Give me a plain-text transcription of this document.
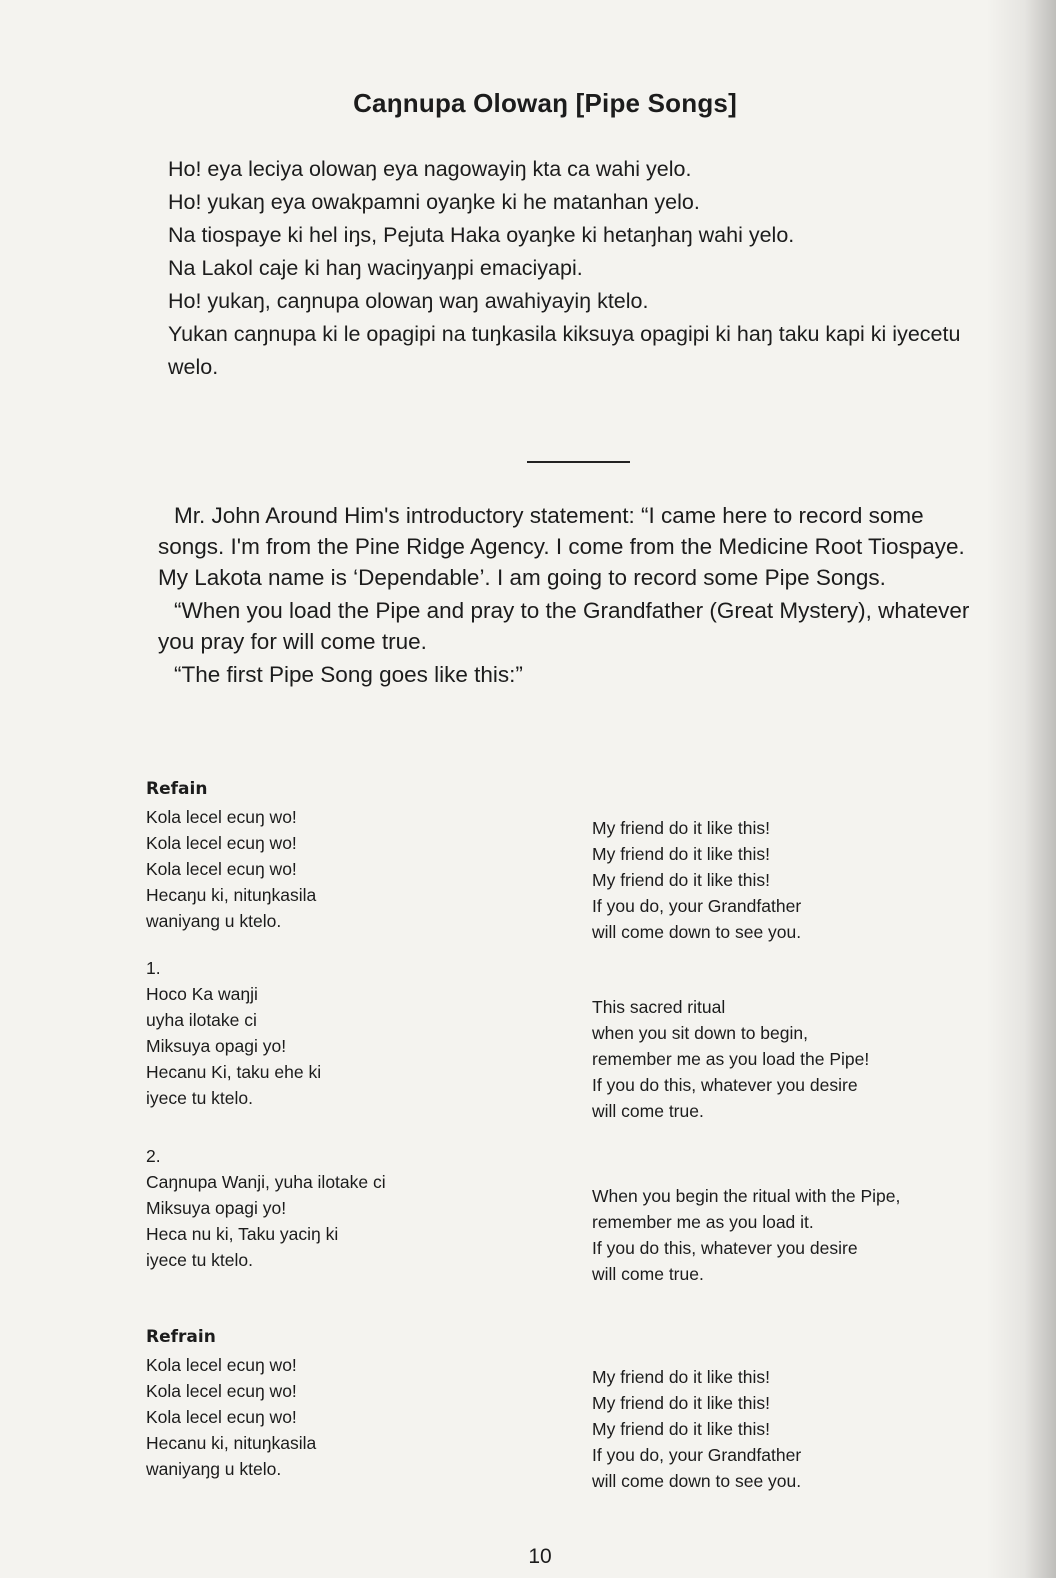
Caŋnupa Olowaŋ [Pipe Songs]
Ho! eya leciya olowaŋ eya nagowayiŋ kta ca wahi yelo.
Ho! yukaŋ eya owakpamni oyaŋke ki he matanhan yelo.
Na tiospaye ki hel iŋs, Pejuta Haka oyaŋke ki hetaŋhaŋ wahi yelo.
Na Lakol caje ki haŋ waciŋyaŋpi emaciyapi.
Ho! yukaŋ, caŋnupa olowaŋ waŋ awahiyayiŋ ktelo.
Yukan caŋnupa ki le opagipi na tuŋkasila kiksuya opagipi ki haŋ taku kapi ki iyecetu welo.

Mr. John Around Him's introductory statement: “I came here to record some songs. I'm from the Pine Ridge Agency. I come from the Medicine Root Tiospaye. My Lakota name is ‘Dependable’. I am going to record some Pipe Songs.

“When you load the Pipe and pray to the Grandfather (Great Mystery), whatever you pray for will come true.

“The first Pipe Song goes like this:”

Refain
Kola lecel ecuŋ wo!
Kola lecel ecuŋ wo!
Kola lecel ecuŋ wo!
Hecaŋu ki, nituŋkasila
waniyang u ktelo.
My friend do it like this!
My friend do it like this!
My friend do it like this!
If you do, your Grandfather
will come down to see you.
1.
Hoco Ka waŋji
uyha ilotake ci
Miksuya opagi yo!
Hecanu Ki, taku ehe ki
iyece tu ktelo.
This sacred ritual
when you sit down to begin,
remember me as you load the Pipe!
If you do this, whatever you desire
will come true.
2.
Caŋnupa Wanji, yuha ilotake ci
Miksuya opagi yo!
Heca nu ki, Taku yaciŋ ki
iyece tu ktelo.
When you begin the ritual with the Pipe,
remember me as you load it.
If you do this, whatever you desire
will come true.
Refrain
Kola lecel ecuŋ wo!
Kola lecel ecuŋ wo!
Kola lecel ecuŋ wo!
Hecanu ki, nituŋkasila
waniyaŋg u ktelo.
My friend do it like this!
My friend do it like this!
My friend do it like this!
If you do, your Grandfather
will come down to see you.
10
